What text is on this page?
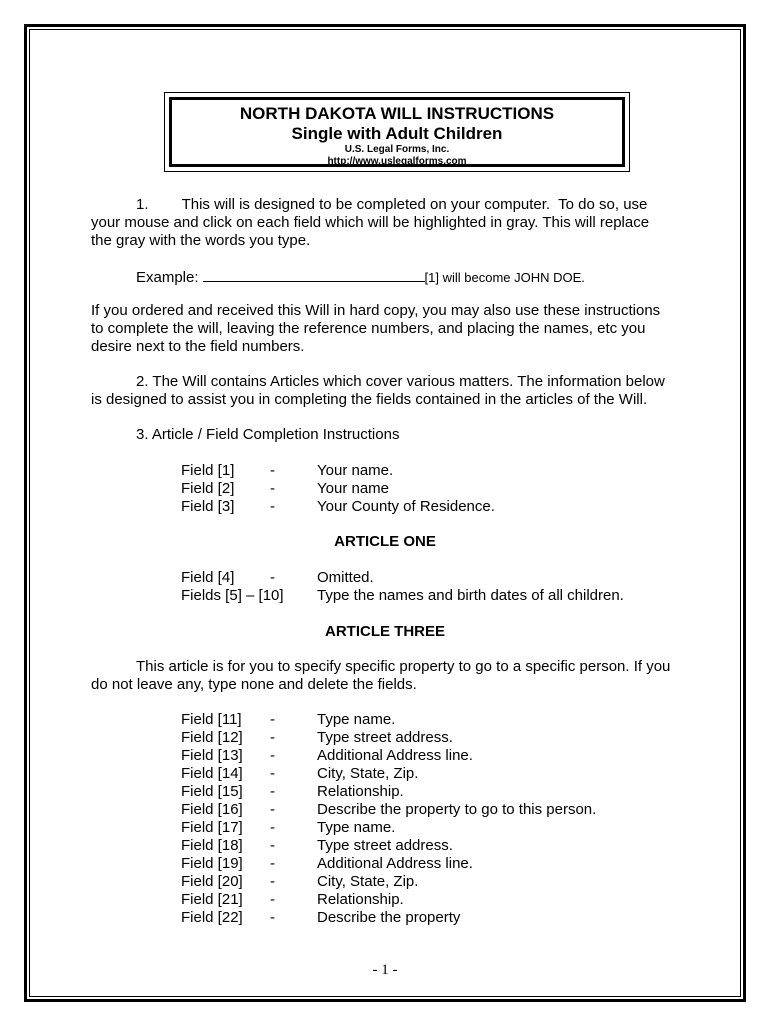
NORTH DAKOTA WILL INSTRUCTIONS
Single with Adult Children
U.S. Legal Forms, Inc.
http://www.uslegalforms.com
1.        This will is designed to be completed on your computer.  To do so, use
your mouse and click on each field which will be highlighted in gray. This will replace
the gray with the words you type.
Example:	[1] will become JOHN DOE.
If you ordered and received this Will in hard copy, you may also use these instructions
to complete the will, leaving the reference numbers, and placing the names, etc you
desire next to the field numbers.
2. The Will contains Articles which cover various matters. The information below
is designed to assist you in completing the fields contained in the articles of the Will.
3. Article / Field Completion Instructions
Field [1] -	Your name.
Field [2] -	Your name
Field [3] -	Your County of Residence.
ARTICLE ONE
Field [4] -	Omitted.
Fields [5] – [10] Type the names and birth dates of all children.
ARTICLE THREE
This article is for you to specify specific property to go to a specific person. If you
do not leave any, type none and delete the fields.
Field [11] -	Type name.
Field [12] -	Type street address.
Field [13] -	Additional Address line.
Field [14] -	City, State, Zip.
Field [15] -	Relationship.
Field [16] -	Describe the property to go to this person.
Field [17] -	Type name.
Field [18] -	Type street address.
Field [19] -	Additional Address line.
Field [20] -	City, State, Zip.
Field [21] -	Relationship.
Field [22] -	Describe the property
- 1 -
